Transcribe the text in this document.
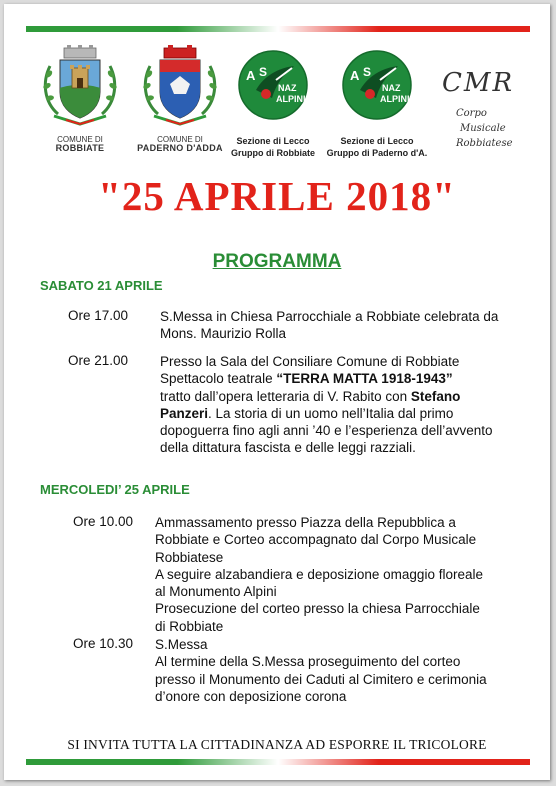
COMUNE DI
ROBBIATE
COMUNE DI
PADERNO D'ADDA
A S
NAZ
ALPINI
Sezione di Lecco
Gruppo di Robbiate
A S
NAZ
ALPINI
Sezione di Lecco
Gruppo di Paderno d'A.
CMR
Corpo
Musicale
Robbiatese
"25 APRILE 2018"
PROGRAMMA
SABATO 21 APRILE
Ore 17.00 S.Messa in Chiesa Parrocchiale a Robbiate celebrata da
Mons. Maurizio Rolla
Ore 21.00 Presso la Sala del Consiliare Comune di Robbiate
Spettacolo teatrale “TERRA MATTA 1918-1943”
tratto dall’opera letteraria di V. Rabito con Stefano
Panzeri. La storia di un uomo nell’Italia dal primo
dopoguerra fino agli anni ’40 e l’esperienza dell’avvento
della dittatura fascista e delle leggi razziali.
MERCOLEDI’ 25 APRILE
Ore 10.00 Ammassamento presso Piazza della Repubblica a
Robbiate e Corteo accompagnato dal Corpo Musicale
Robbiatese
A seguire alzabandiera e deposizione omaggio floreale
al Monumento Alpini
Prosecuzione del corteo presso la chiesa Parrocchiale
di Robbiate
Ore 10.30 S.Messa
Al termine della S.Messa proseguimento del corteo
presso il Monumento dei Caduti al Cimitero e cerimonia
d’onore con deposizione corona
SI INVITA TUTTA LA CITTADINANZA AD ESPORRE IL TRICOLORE
